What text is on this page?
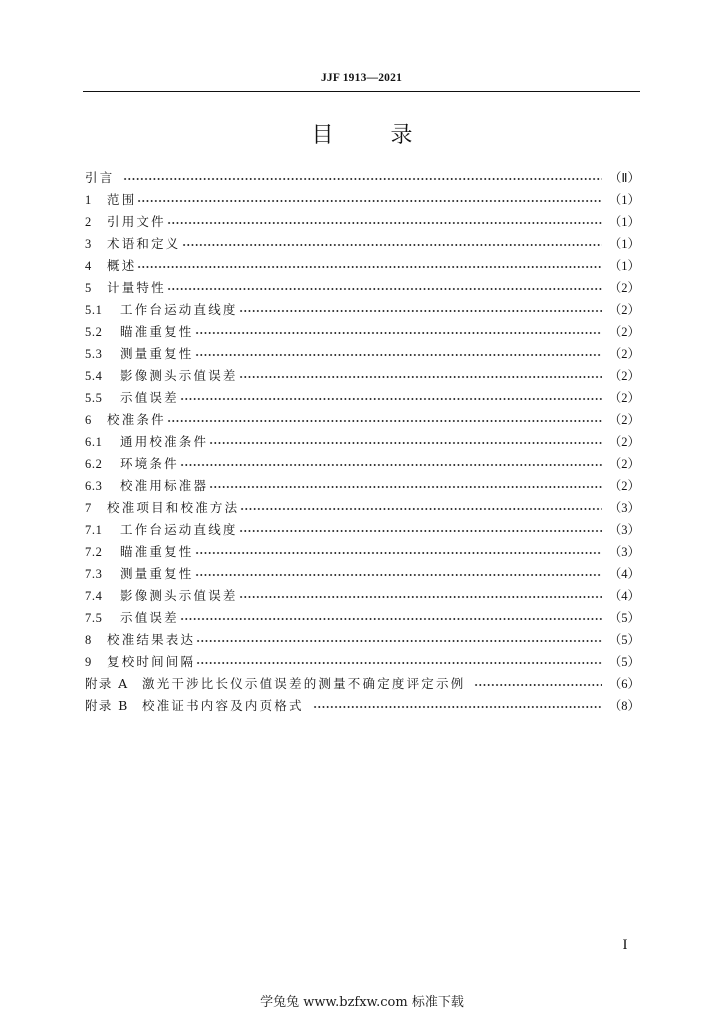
JJF 1913—2021
目 录
引言	（Ⅱ）
1	范围	（1）
2	引用文件	（1）
3	术语和定义	（1）
4	概述	（1）
5	计量特性	（2）
5.1	工作台运动直线度	（2）
5.2	瞄准重复性	（2）
5.3	测量重复性	（2）
5.4	影像测头示值误差	（2）
5.5	示值误差	（2）
6	校准条件	（2）
6.1	通用校准条件	（2）
6.2	环境条件	（2）
6.3	校准用标准器	（2）
7	校准项目和校准方法	（3）
7.1	工作台运动直线度	（3）
7.2	瞄准重复性	（3）
7.3	测量重复性	（4）
7.4	影像测头示值误差	（4）
7.5	示值误差	（5）
8	校准结果表达	（5）
9	复校时间间隔	（5）
附录 A	激光干涉比长仪示值误差的测量不确定度评定示例	（6）
附录 B	校准证书内容及内页格式	（8）
I
学兔兔 www.bzfxw.com 标准下载
